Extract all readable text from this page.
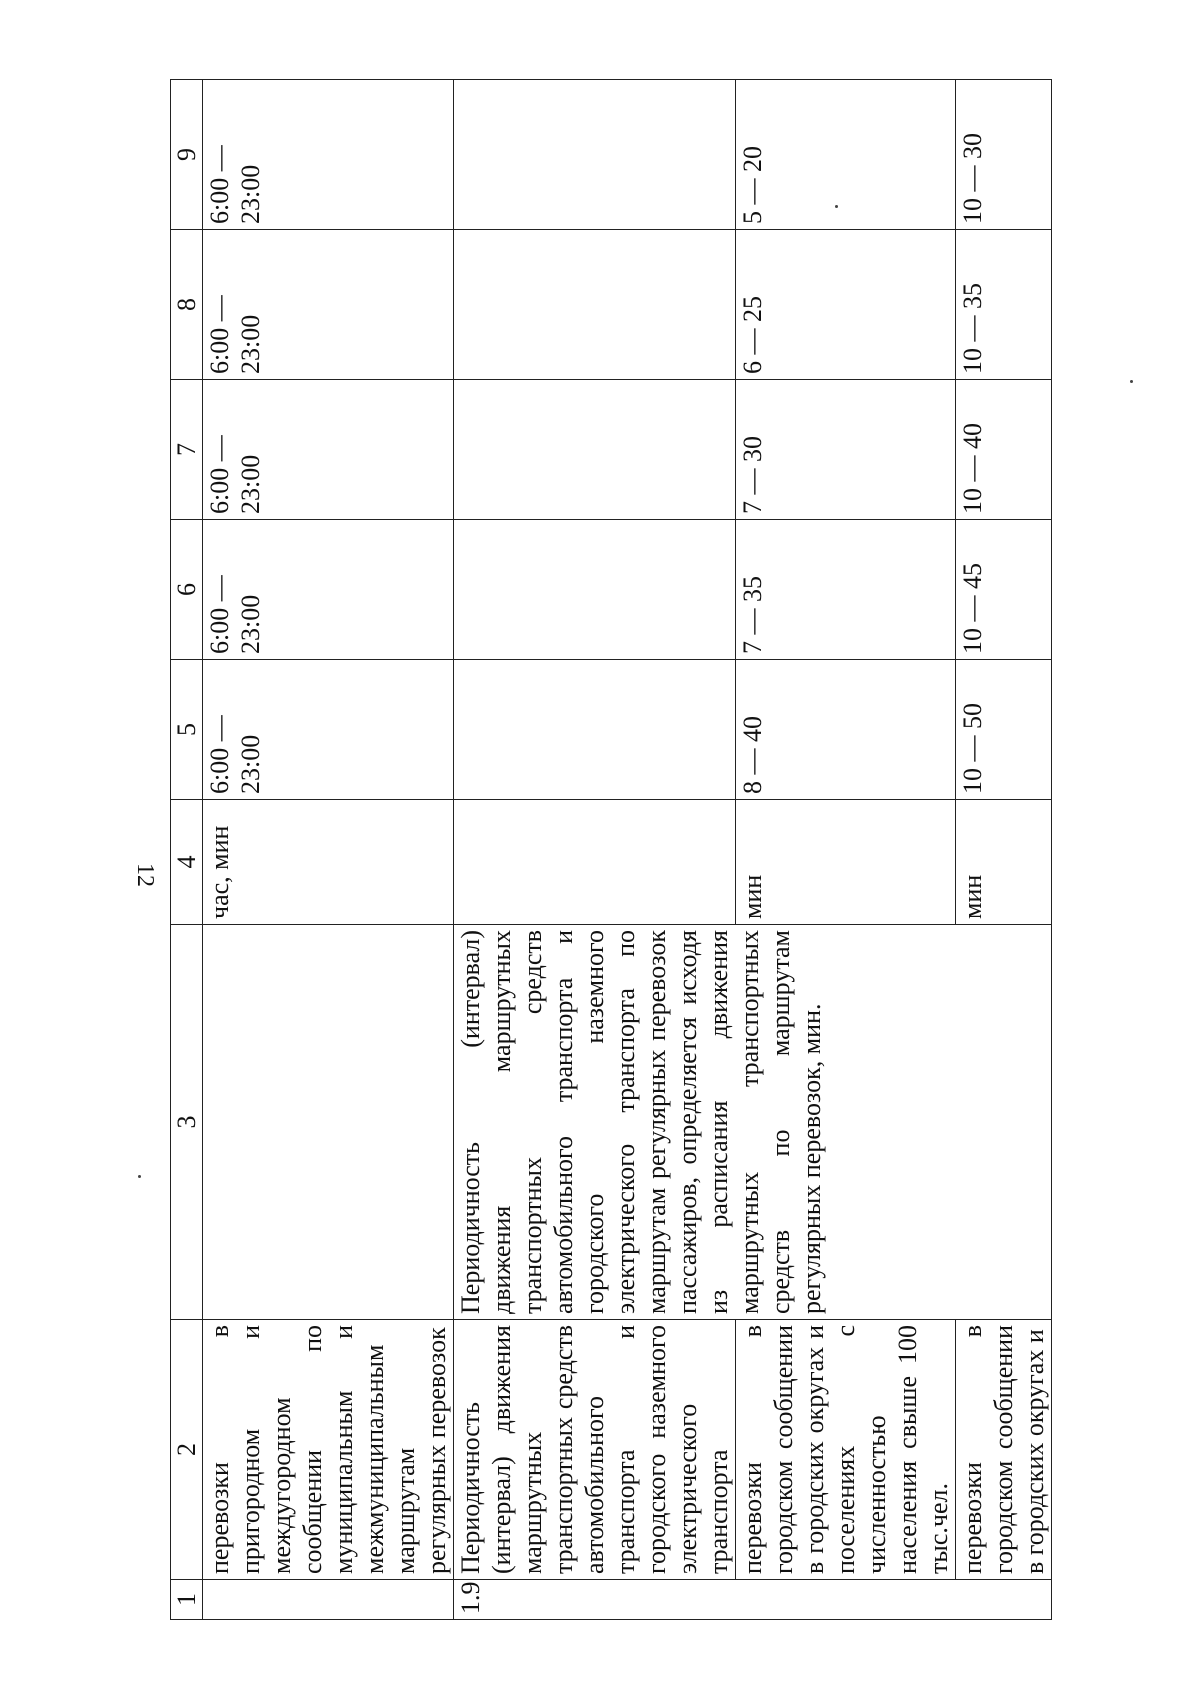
12
1	2	3	4	5	6	7	8	9
	перевозки в пригородном и междугородном сообщении по муниципальным и межмуниципальным маршрутам регулярных перевозок		час, мин	6:00 — 23:00	6:00 — 23:00	6:00 — 23:00	6:00 — 23:00	6:00 — 23:00
1.9	Периодичность (интервал) движения маршрутных транспортных средств автомобильного транспорта и городского наземного электрического транспорта	Периодичность (интервал) движения маршрутных транспортных средств автомобильного транспорта и городского наземного электрического транспорта по маршрутам регулярных перевозок пассажиров, определяется исходя из расписания движения маршрутных транспортных средств по маршрутам регулярных перевозок, мин.						
	перевозки в городском сообщении в городских округах и поселениях с численностью населения свыше 100 тыс.чел.		мин	8 — 40	7 — 35	7 — 30	6 — 25	5 — 20
	перевозки в городском сообщении в городских округах и		мин	10 — 50	10 — 45	10 — 40	10 — 35	10 — 30
